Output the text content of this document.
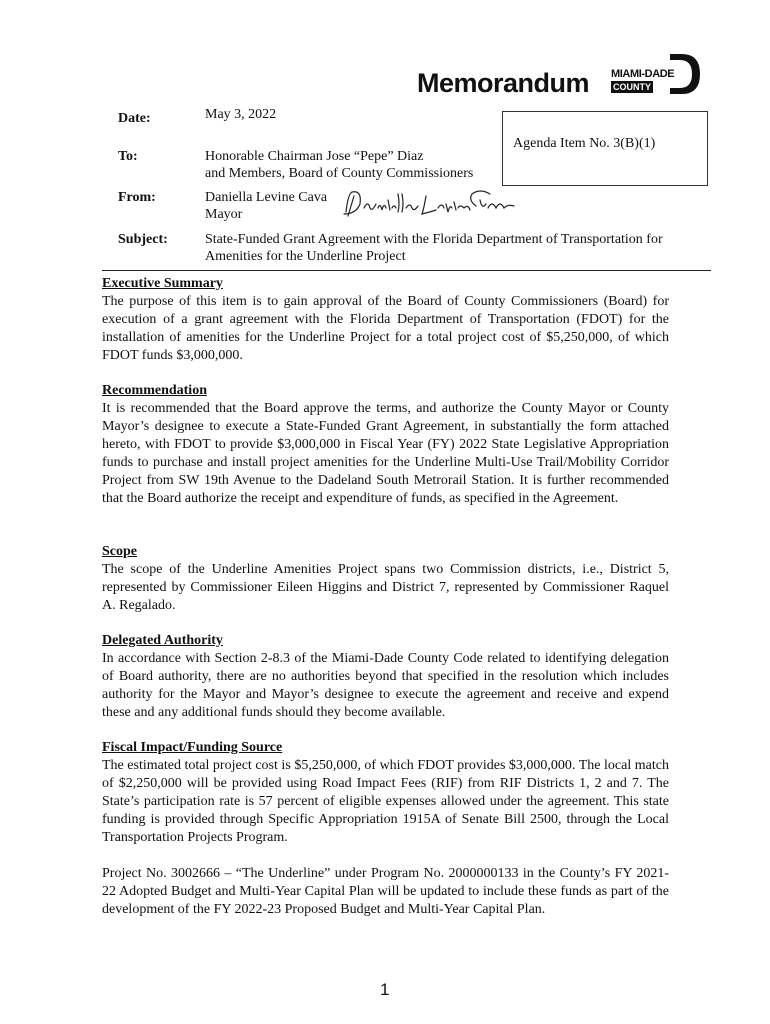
Memorandum MIAMI-DADE
COUNTY
Date:	May 3, 2022
Agenda Item No. 3(B)(1)
To:	Honorable Chairman Jose “Pepe” Diaz
and Members, Board of County Commissioners
From:	Daniella Levine Cava
Mayor
Subject:	State-Funded Grant Agreement with the Florida Department of Transportation for
Amenities for the Underline Project
Executive Summary

The purpose of this item is to gain approval of the Board of County Commissioners (Board) for execution of a grant agreement with the Florida Department of Transportation (FDOT) for the installation of amenities for the Underline Project for a total project cost of $5,250,000, of which FDOT funds $3,000,000.

Recommendation

It is recommended that the Board approve the terms, and authorize the County Mayor or County Mayor’s designee to execute a State-Funded Grant Agreement, in substantially the form attached hereto, with FDOT to provide $3,000,000 in Fiscal Year (FY) 2022 State Legislative Appropriation funds to purchase and install project amenities for the Underline Multi-Use Trail/Mobility Corridor Project from SW 19th Avenue to the Dadeland South Metrorail Station. It is further recommended that the Board authorize the receipt and expenditure of funds, as specified in the Agreement.

Scope

The scope of the Underline Amenities Project spans two Commission districts, i.e., District 5, represented by Commissioner Eileen Higgins and District 7, represented by Commissioner Raquel A. Regalado.

Delegated Authority

In accordance with Section 2-8.3 of the Miami-Dade County Code related to identifying delegation of Board authority, there are no authorities beyond that specified in the resolution which includes authority for the Mayor and Mayor’s designee to execute the agreement and receive and expend these and any additional funds should they become available.

Fiscal Impact/Funding Source

The estimated total project cost is $5,250,000, of which FDOT provides $3,000,000. The local match of $2,250,000 will be provided using Road Impact Fees (RIF) from RIF Districts 1, 2 and 7. The State’s participation rate is 57 percent of eligible expenses allowed under the agreement. This state funding is provided through Specific Appropriation 1915A of Senate Bill 2500, through the Local Transportation Projects Program.

Project No. 3002666 – “The Underline” under Program No. 2000000133 in the County’s FY 2021-22 Adopted Budget and Multi-Year Capital Plan will be updated to include these funds as part of the development of the FY 2022-23 Proposed Budget and Multi-Year Capital Plan.

1
